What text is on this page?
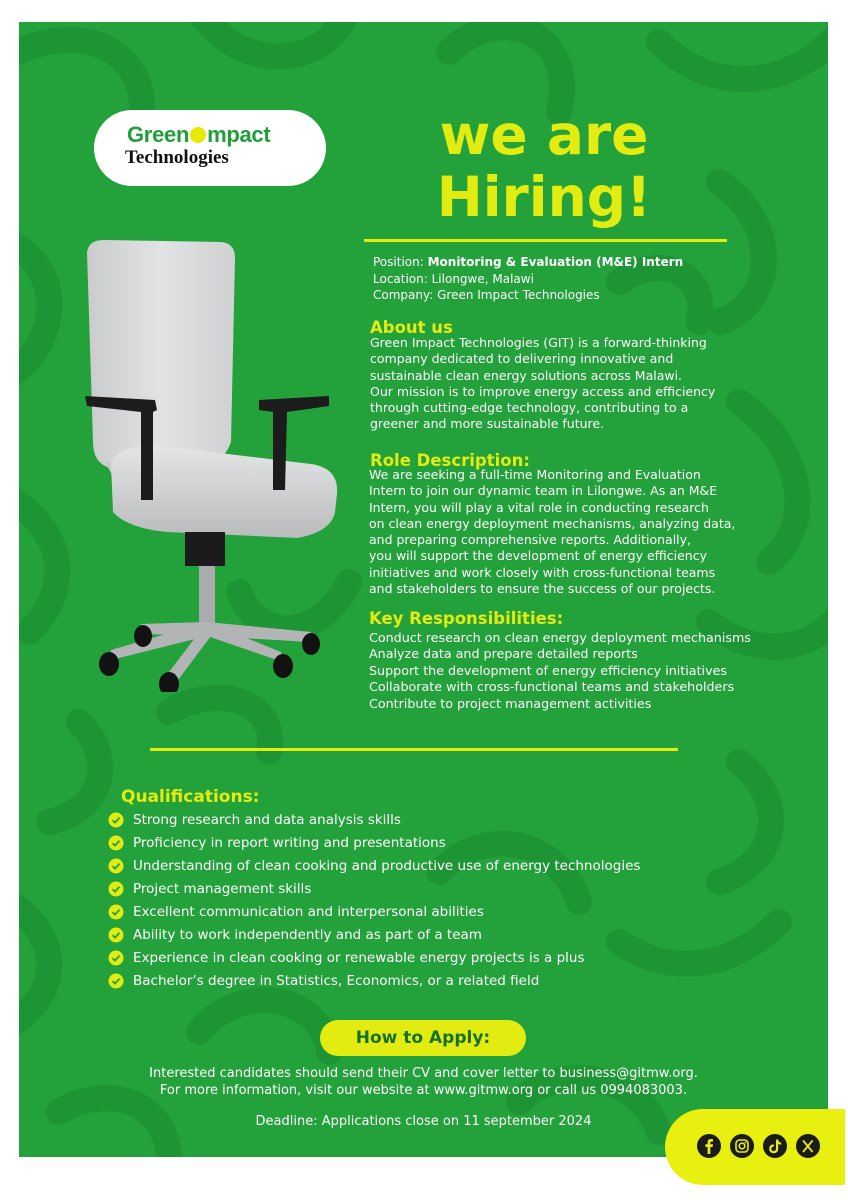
Green mpact
Technologies	we are
Hiring!
Position: Monitoring & Evaluation (M&E) Intern
Location: Lilongwe, Malawi
Company: Green Impact Technologies
About us
Green Impact Technologies (GIT) is a forward-thinking
company dedicated to delivering innovative and
sustainable clean energy solutions across Malawi.
Our mission is to improve energy access and efficiency
through cutting-edge technology, contributing to a
greener and more sustainable future.
Role Description:
We are seeking a full-time Monitoring and Evaluation
Intern to join our dynamic team in Lilongwe. As an M&E
Intern, you will play a vital role in conducting research
on clean energy deployment mechanisms, analyzing data,
and preparing comprehensive reports. Additionally,
you will support the development of energy efficiency
initiatives and work closely with cross-functional teams
and stakeholders to ensure the success of our projects.
Key Responsibilities:
Conduct research on clean energy deployment mechanisms
Analyze data and prepare detailed reports
Support the development of energy efficiency initiatives
Collaborate with cross-functional teams and stakeholders
Contribute to project management activities
Qualifications:
Strong research and data analysis skills
Proficiency in report writing and presentations
Understanding of clean cooking and productive use of energy technologies
Project management skills
Excellent communication and interpersonal abilities
Ability to work independently and as part of a team
Experience in clean cooking or renewable energy projects is a plus
Bachelor’s degree in Statistics, Economics, or a related field
How to Apply:
Interested candidates should send their CV and cover letter to business@gitmw.org.
For more information, visit our website at www.gitmw.org or call us 0994083003.
Deadline: Applications close on 11 september 2024
